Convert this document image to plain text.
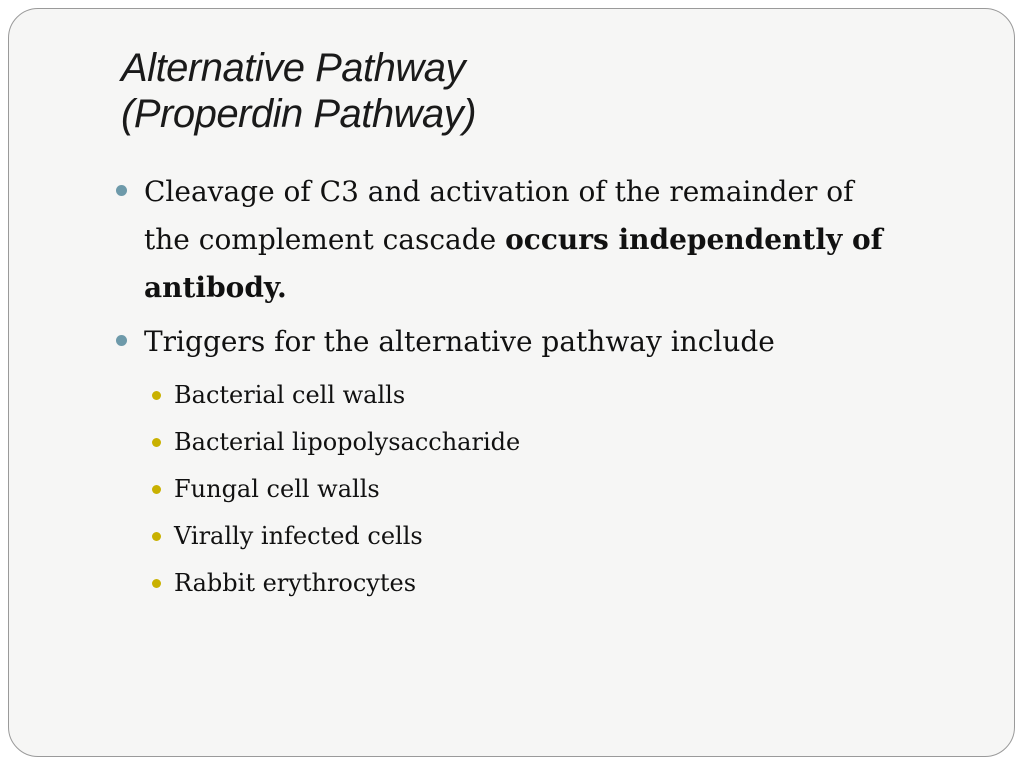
Alternative Pathway
(Properdin Pathway)
Cleavage of C3 and activation of the remainder of the complement cascade occurs independently of antibody.
Triggers for the alternative pathway include
Bacterial cell walls
Bacterial lipopolysaccharide
Fungal cell walls
Virally infected cells
Rabbit erythrocytes
